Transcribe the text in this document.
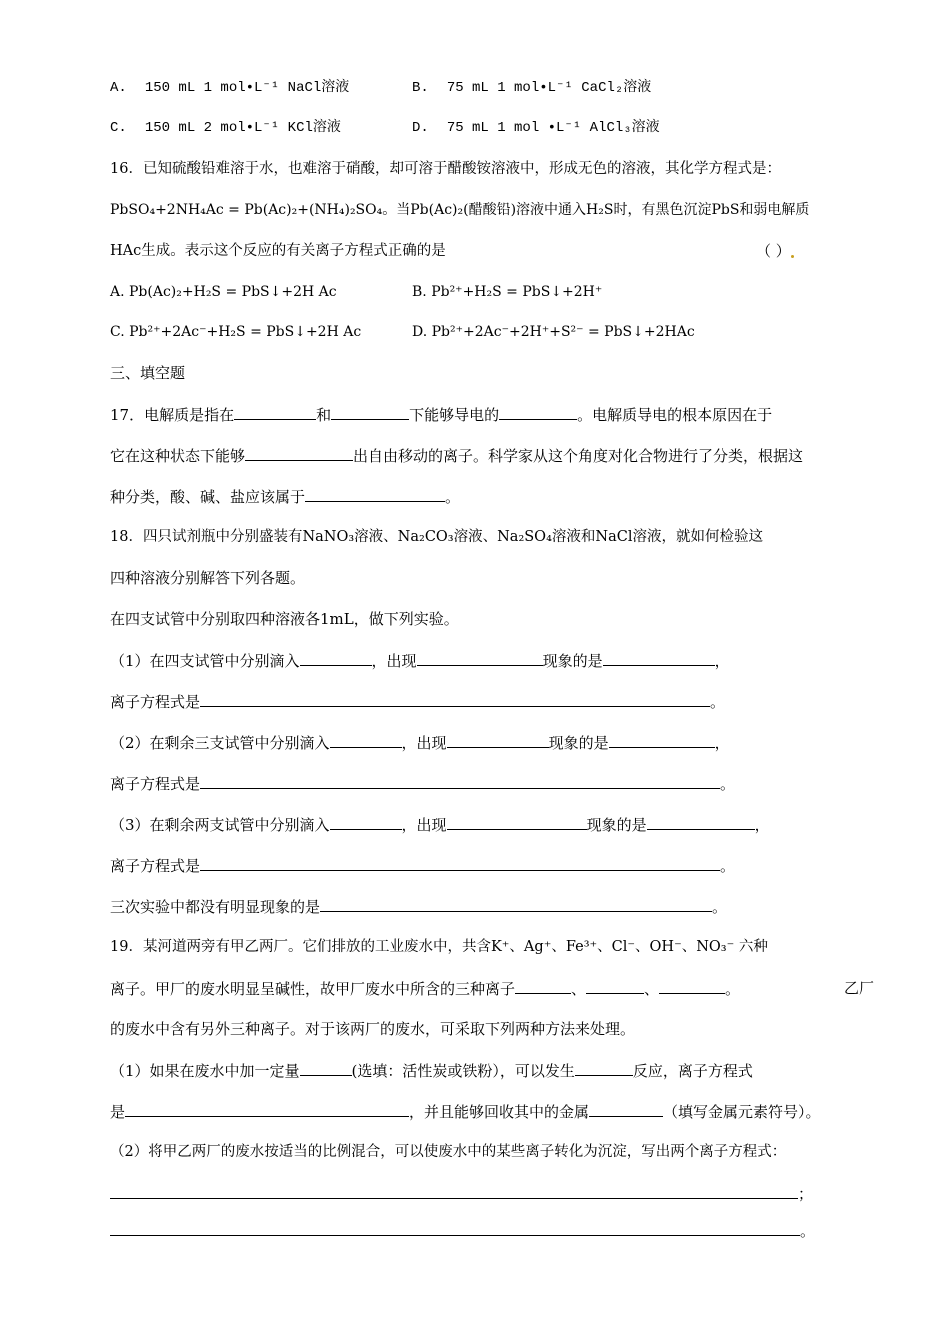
A. 150 mL 1 mol•L⁻¹ NaCl溶液	B. 75 mL 1 mol•L⁻¹ CaCl₂溶液
C. 150 mL 2 mol•L⁻¹ KCl溶液	D. 75 mL 1 mol •L⁻¹ AlCl₃溶液
16．已知硫酸铅难溶于水，也难溶于硝酸，却可溶于醋酸铵溶液中，形成无色的溶液，其化学方程式是：
PbSO₄+2NH₄Ac = Pb(Ac)₂+(NH₄)₂SO₄。当Pb(Ac)₂(醋酸铅)溶液中通入H₂S时，有黑色沉淀PbS和弱电解质
HAc生成。表示这个反应的有关离子方程式正确的是	（ ）
A. Pb(Ac)₂+H₂S = PbS↓+2H Ac	B. Pb²⁺+H₂S = PbS↓+2H⁺
C. Pb²⁺+2Ac⁻+H₂S = PbS↓+2H Ac	D. Pb²⁺+2Ac⁻+2H⁺+S²⁻ = PbS↓+2HAc
三、填空题
17．电解质是指在	和	下能够导电的	。电解质导电的根本原因在于
它在这种状态下能够	出自由移动的离子。科学家从这个角度对化合物进行了分类，根据这
种分类，酸、碱、盐应该属于	。
18．四只试剂瓶中分别盛装有NaNO₃溶液、Na₂CO₃溶液、Na₂SO₄溶液和NaCl溶液，就如何检验这
四种溶液分别解答下列各题。
在四支试管中分别取四种溶液各1mL，做下列实验。
（1）在四支试管中分别滴入	，出现	现象的是	，
离子方程式是	。
（2）在剩余三支试管中分别滴入	，出现	现象的是	，
离子方程式是	。
（3）在剩余两支试管中分别滴入	，出现	现象的是	，
离子方程式是	。
三次实验中都没有明显现象的是	。
19．某河道两旁有甲乙两厂。它们排放的工业废水中，共含K⁺、Ag⁺、Fe³⁺、Cl⁻、OH⁻、NO₃⁻ 六种
离子。甲厂的废水明显呈碱性，故甲厂废水中所含的三种离子	、	、	。	乙厂
的废水中含有另外三种离子。对于该两厂的废水，可采取下列两种方法来处理。
（1）如果在废水中加一定量	(选填：活性炭或铁粉），可以发生	反应，离子方程式
是	，并且能够回收其中的金属	（填写金属元素符号）。
（2）将甲乙两厂的废水按适当的比例混合，可以使废水中的某些离子转化为沉淀，写出两个离子方程式：
；
。
